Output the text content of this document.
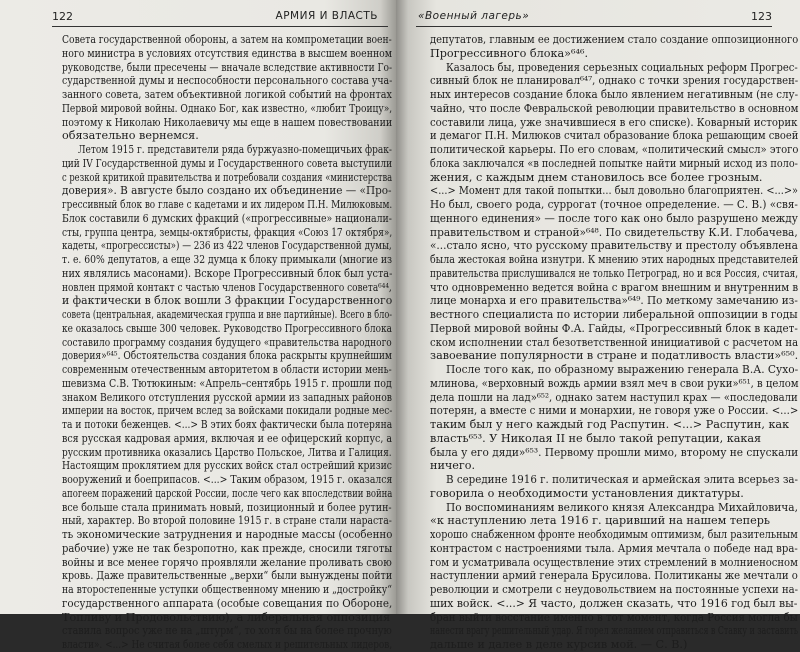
122	АРМИЯ И ВЛАСТЬ
Совета государственной обороны, а затем на компрометации воен-
ного министра в условиях отсутствия единства в высшем военном
руководстве, были пресечены — вначале вследствие активности Го-
сударственной думы и неспособности персонального состава уча-
занного совета, затем объективной логикой событий на фронтах
Первой мировой войны. Однако Бог, как известно, «любит Троицу»,
поэтому к Николаю Николаевичу мы еще в нашем повествовании
обязательно вернемся.
Летом 1915 г. представители ряда буржуазно-помещичьих фрак-
ций IV Государственной думы и Государственного совета выступили
с резкой критикой правительства и потребовали создания «министерства
доверия». В августе было создано их объединение — «Про-
грессивный блок во главе с кадетами и их лидером П.Н. Милюковым.
Блок составили 6 думских фракций («прогрессивные» национали-
сты, группа центра, земцы-октябристы, фракция «Союз 17 октября»,
кадеты, «прогрессисты») — 236 из 422 членов Государственной думы,
т. е. 60% депутатов, а еще 32 думца к блоку примыкали (многие из
них являлись масонами). Вскоре Прогрессивный блок был уста-
новлен прямой контакт с частью членов Государственного совета⁶⁴⁴,
и фактически в блок вошли 3 фракции Государственного
совета (центральная, академическая группа и вне партийные). Всего в бло-
ке оказалось свыше 300 человек. Руководство Прогрессивного блока
составило программу создания будущего «правительства народного
доверия»⁶⁴⁵. Обстоятельства создания блока раскрыты крупнейшим
современным отечественным авторитетом в области истории мень-
шевизма С.В. Тютюкиным: «Апрель–сентябрь 1915 г. прошли под
знаком Великого отступления русской армии из западных районов
империи на восток, причем вслед за войсками покидали родные мес-
та и потоки беженцев. <...> В этих боях фактически была потеряна
вся русская кадровая армия, включая и ее офицерский корпус, а
русским противника оказались Царство Польское, Литва и Галиция.
Настоящим проклятием для русских войск стал острейший кризис
вооружений и боеприпасов. <...> Таким образом, 1915 г. оказался
апогеем поражений царской России, после чего как впоследствии война
все больше стала принимать новый, позиционный и более рутин-
ный, характер. Во второй половине 1915 г. в стране стали нараста-
ть экономические затруднения и народные массы (особенно
рабочие) уже не так безропотно, как прежде, сносили тяготы
войны и все менее горячо проявляли желание проливать свою
кровь. Даже правительственные „верхи“ были вынуждены пойти
на второстепенные уступки общественному мнению и „достройку“
государственного аппарата (особые совещания по Обороне,
Топливу и Продовольствию), а либеральная оппозиция
ставила вопрос уже не на „штурм“, то хотя бы на более прочную
власти». <...> Не считая более себя смелых и решительных лидеров,
«Военный лагерь»	123
депутатов, главным ее достижением стало создание оппозиционного
Прогрессивного блока»⁶⁴⁶.
Казалось бы, проведения серьезных социальных реформ Прогрес-
сивный блок не планировал⁶⁴⁷, однако с точки зрения государствен-
ных интересов создание блока было явлением негативным (не слу-
чайно, что после Февральской революции правительство в основном
составили лица, уже значившиеся в его списке). Коварный историк
и демагог П.Н. Милюков считал образование блока решающим своей
политической карьеры. По его словам, «политический смысл» этого
блока заключался «в последней попытке найти мирный исход из поло-
жения, с каждым днем становилось все более грозным.
<...> Момент для такой попытки... был довольно благоприятен. <...>»
Но был, своего рода, суррогат (точное определение. — С. В.) «свя-
щенного единения» — после того как оно было разрушено между
правительством и страной»⁶⁴⁸. По свидетельству К.И. Глобачева,
«...стало ясно, что русскому правительству и престолу объявлена
была жестокая война изнутри. К мнению этих народных представителей
правительства прислушивался не только Петроград, но и вся Россия, считая,
что одновременно ведется война с врагом внешним и внутренним в
лице монарха и его правительства»⁶⁴⁹. По меткому замечанию из-
вестного специалиста по истории либеральной оппозиции в годы
Первой мировой войны Ф.А. Гайды, «Прогрессивный блок в кадет-
ском исполнении стал безответственной инициативой с расчетом на
завоевание популярности в стране и податливость власти»⁶⁵⁰.
После того как, по образному выражению генерала В.А. Сухо-
млинова, «верховный вождь армии взял меч в свои руки»⁶⁵¹, в целом
дела пошли на лад»⁶⁵², однако затем наступил крах — «последовали
потерян, а вместе с ними и монархии, не говоря уже о России. <...>
таким был у него каждый год Распутин. <...> Распутин, как
власть⁶⁵³. У Николая II не было такой репутации, какая
была у его дяди»⁶⁵³. Первому прошли мимо, второму не спускали
ничего.
В середине 1916 г. политическая и армейская элита всерьез за-
говорила о необходимости установления диктатуры.
По воспоминаниям великого князя Александра Михайловича,
«к наступлению лета 1916 г. царивший на нашем теперь
хорошо снабженном фронте необходимым оптимизм, был разительным
контрастом с настроениями тыла. Армия мечтала о победе над вра-
гом и усматривала осуществление этих стремлений в молниеносном
наступлении армий генерала Брусилова. Политиканы же мечтали о
революции и смотрели с неудовольствием на постоянные успехи на-
ших войск. <...> Я часто, должен сказать, что 1916 год был вы-
бран выйти восстание именно в тот момент, когда Россия могла бы
нанести врагу решительный удар. Я горел желанием отправиться в Ставку и заставить
дальше и далее в деле курсив мой. — С. В.)
